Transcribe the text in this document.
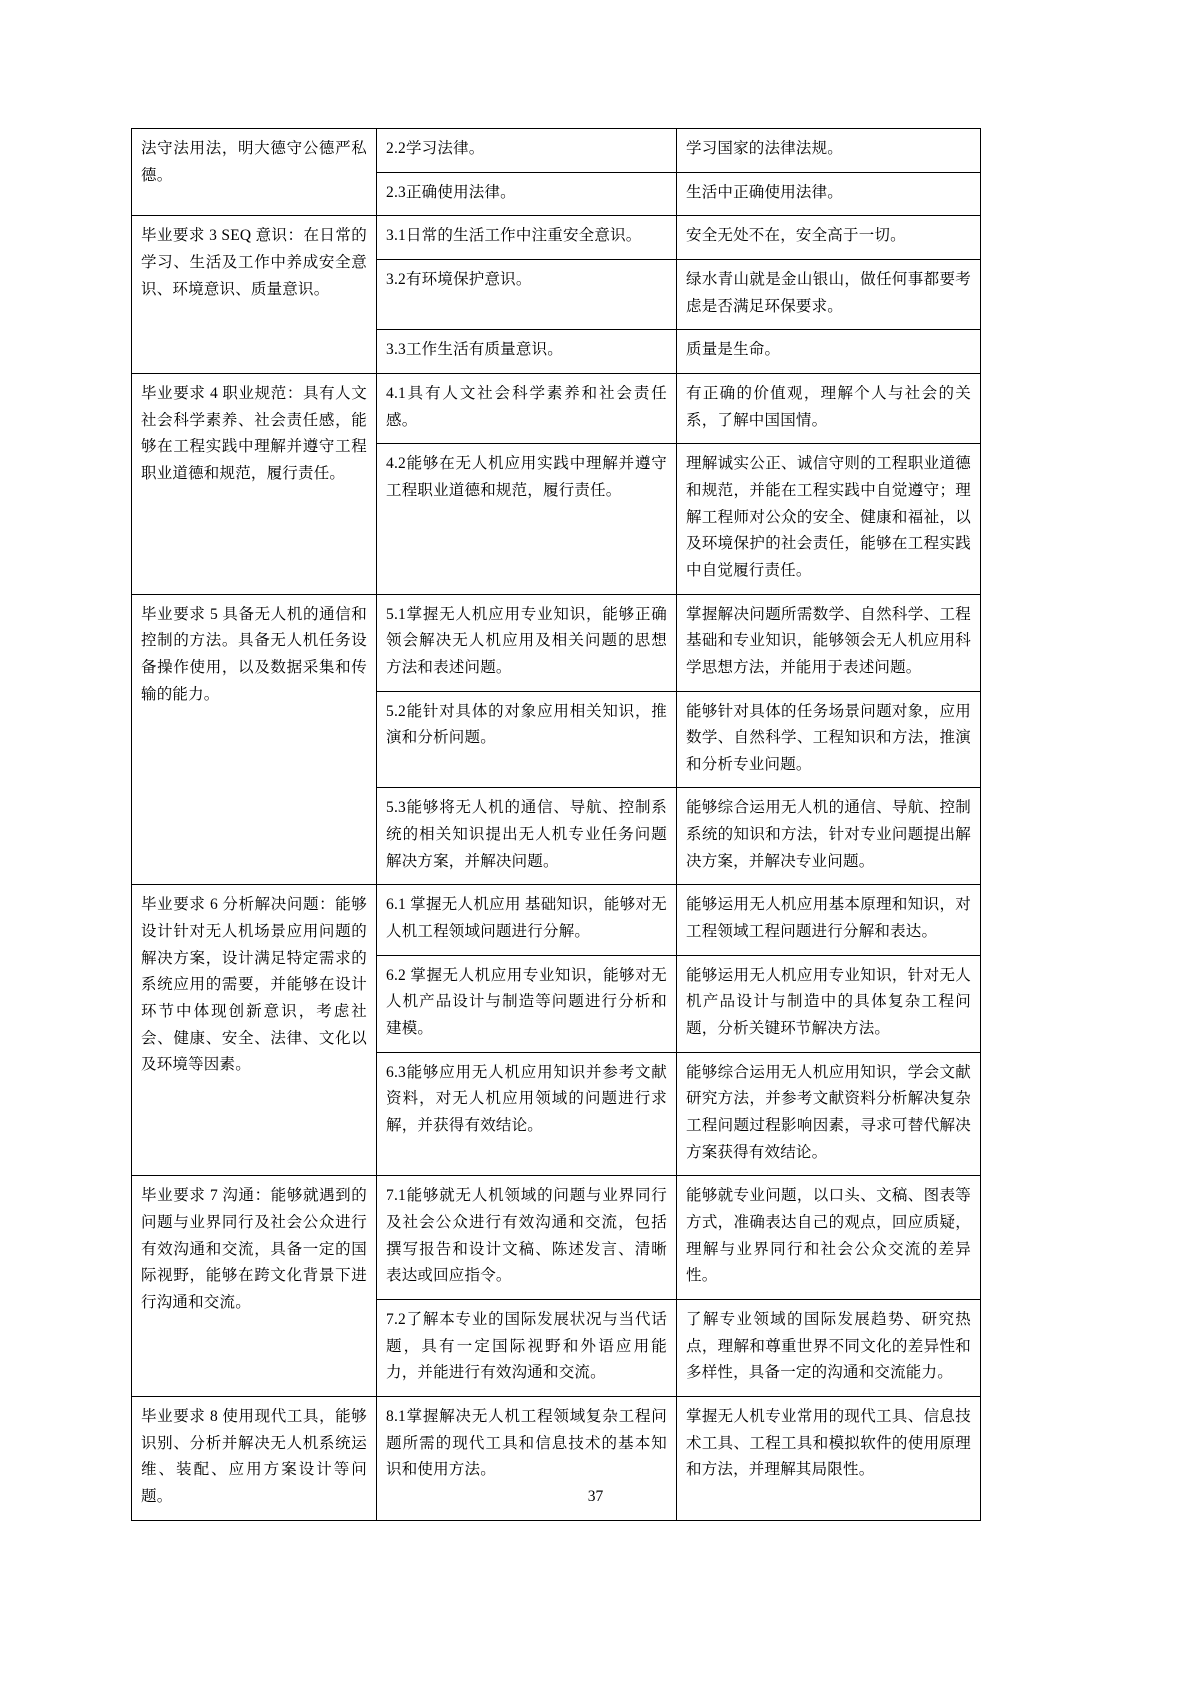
法守法用法，明大德守公德严私德。	2.2学习法律。	学习国家的法律法规。
	2.3正确使用法律。	生活中正确使用法律。
毕业要求 3 SEQ 意识：在日常的学习、生活及工作中养成安全意识、环境意识、质量意识。	3.1日常的生活工作中注重安全意识。	安全无处不在，安全高于一切。
	3.2有环境保护意识。	绿水青山就是金山银山，做任何事都要考虑是否满足环保要求。
	3.3工作生活有质量意识。	质量是生命。
毕业要求 4 职业规范：具有人文社会科学素养、社会责任感，能够在工程实践中理解并遵守工程职业道德和规范，履行责任。	4.1具有人文社会科学素养和社会责任感。	有正确的价值观，理解个人与社会的关系，了解中国国情。
	4.2能够在无人机应用实践中理解并遵守工程职业道德和规范，履行责任。	理解诚实公正、诚信守则的工程职业道德和规范，并能在工程实践中自觉遵守；理解工程师对公众的安全、健康和福祉，以及环境保护的社会责任，能够在工程实践中自觉履行责任。
毕业要求 5 具备无人机的通信和控制的方法。具备无人机任务设备操作使用，以及数据采集和传输的能力。	5.1掌握无人机应用专业知识，能够正确领会解决无人机应用及相关问题的思想方法和表述问题。	掌握解决问题所需数学、自然科学、工程基础和专业知识，能够领会无人机应用科学思想方法，并能用于表述问题。
	5.2能针对具体的对象应用相关知识，推演和分析问题。	能够针对具体的任务场景问题对象，应用数学、自然科学、工程知识和方法，推演和分析专业问题。
	5.3能够将无人机的通信、导航、控制系统的相关知识提出无人机专业任务问题解决方案，并解决问题。	能够综合运用无人机的通信、导航、控制系统的知识和方法，针对专业问题提出解决方案，并解决专业问题。
毕业要求 6 分析解决问题：能够设计针对无人机场景应用问题的解决方案，设计满足特定需求的系统应用的需要，并能够在设计环节中体现创新意识，考虑社会、健康、安全、法律、文化以及环境等因素。	6.1 掌握无人机应用 基础知识，能够对无人机工程领域问题进行分解。	能够运用无人机应用基本原理和知识，对工程领域工程问题进行分解和表达。
	6.2 掌握无人机应用专业知识，能够对无人机产品设计与制造等问题进行分析和建模。	能够运用无人机应用专业知识，针对无人机产品设计与制造中的具体复杂工程问题，分析关键环节解决方法。
	6.3能够应用无人机应用知识并参考文献资料，对无人机应用领域的问题进行求解，并获得有效结论。	能够综合运用无人机应用知识，学会文献研究方法，并参考文献资料分析解决复杂工程问题过程影响因素，寻求可替代解决方案获得有效结论。
毕业要求 7 沟通：能够就遇到的问题与业界同行及社会公众进行有效沟通和交流，具备一定的国际视野，能够在跨文化背景下进行沟通和交流。	7.1能够就无人机领域的问题与业界同行及社会公众进行有效沟通和交流，包括撰写报告和设计文稿、陈述发言、清晰表达或回应指令。	能够就专业问题，以口头、文稿、图表等方式，准确表达自己的观点，回应质疑，理解与业界同行和社会公众交流的差异性。
	7.2了解本专业的国际发展状况与当代话题，具有一定国际视野和外语应用能力，并能进行有效沟通和交流。	了解专业领域的国际发展趋势、研究热点，理解和尊重世界不同文化的差异性和多样性，具备一定的沟通和交流能力。
毕业要求 8 使用现代工具，能够识别、分析并解决无人机系统运维、装配、应用方案设计等问题。	8.1掌握解决无人机工程领域复杂工程问题所需的现代工具和信息技术的基本知识和使用方法。	掌握无人机专业常用的现代工具、信息技术工具、工程工具和模拟软件的使用原理和方法，并理解其局限性。
37
